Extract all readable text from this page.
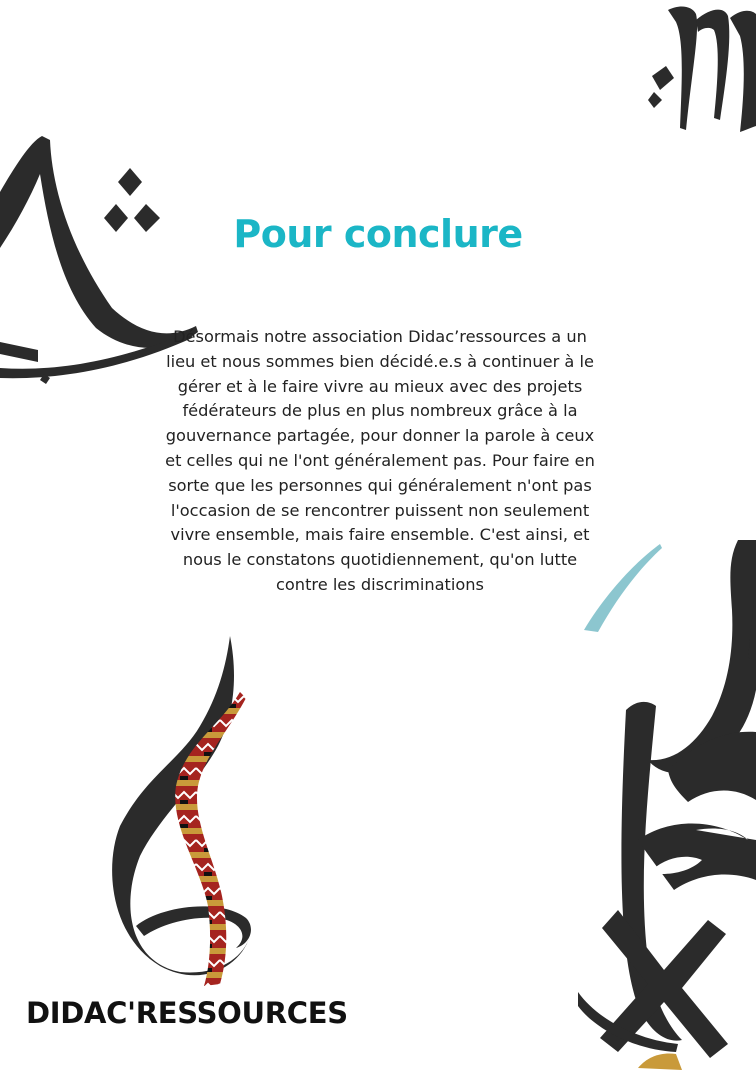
Pour conclure

Désormais notre association Didac’ressources a un lieu et nous sommes bien décidé.e.s à continuer à le gérer et à le faire vivre au mieux avec des projets fédérateurs de plus en plus nombreux grâce à la gouvernance partagée, pour donner la parole à ceux et celles qui ne l'ont généralement pas. Pour faire en sorte que les personnes qui généralement n'ont pas l'occasion de se rencontrer puissent non seulement vivre ensemble, mais faire ensemble. C'est ainsi, et nous le constatons quotidiennement, qu'on lutte contre les discriminations

DIDAC'RESSOURCES
